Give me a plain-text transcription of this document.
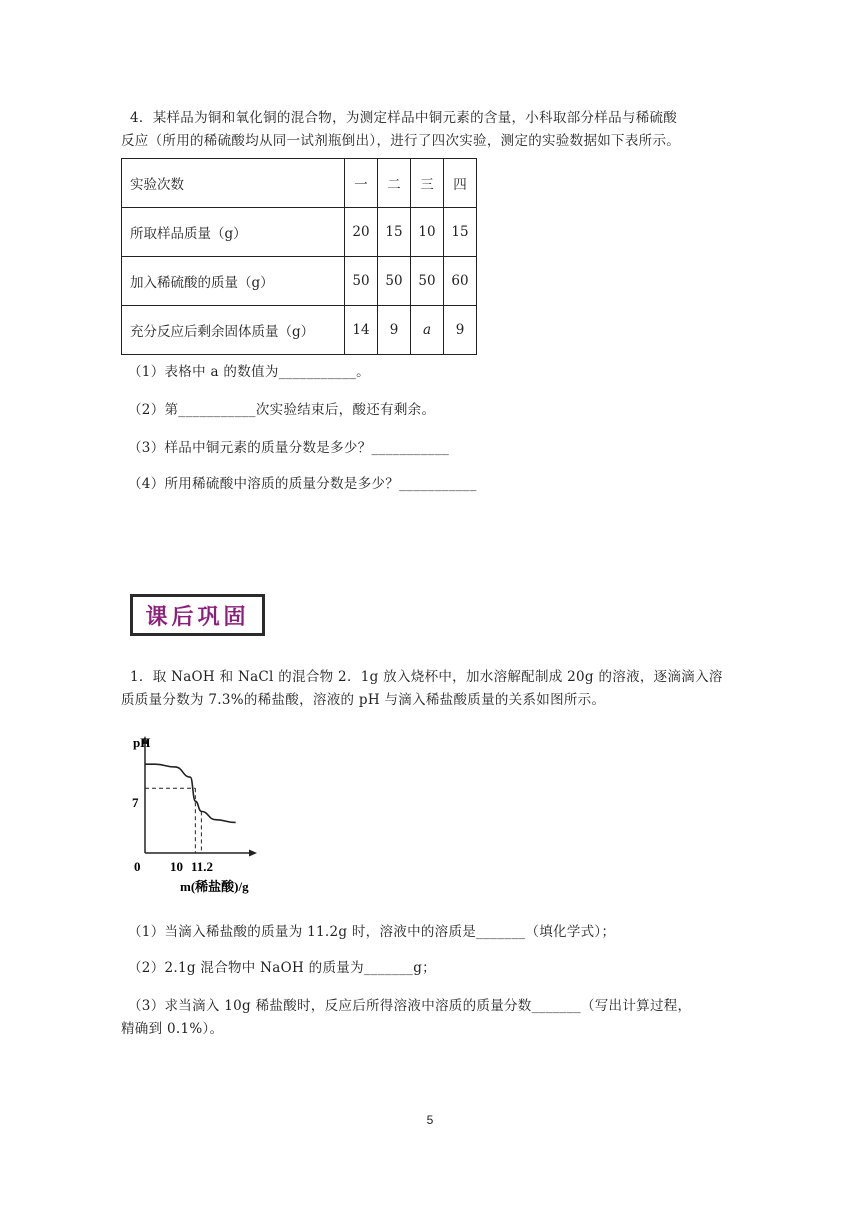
4．某样品为铜和氧化铜的混合物，为测定样品中铜元素的含量，小科取部分样品与稀硫酸
反应（所用的稀硫酸均从同一试剂瓶倒出），进行了四次实验，测定的实验数据如下表所示。
实验次数	一	二	三	四
所取样品质量（g）	20	15	10	15
加入稀硫酸的质量（g）	50	50	50	60
充分反应后剩余固体质量（g）	14	9	a	9
（1）表格中 a 的数值为___________。
（2）第___________次实验结束后，酸还有剩余。
（3）样品中铜元素的质量分数是多少？___________
（4）所用稀硫酸中溶质的质量分数是多少？___________
课后巩固
1．取 NaOH 和 NaCl 的混合物 2．1g 放入烧杯中，加水溶解配制成 20g 的溶液，逐滴滴入溶
质质量分数为 7.3%的稀盐酸，溶液的 pH 与滴入稀盐酸质量的关系如图所示。
pH
m(稀盐酸)/g
7
0 10 11.2
（1）当滴入稀盐酸的质量为 11.2g 时，溶液中的溶质是_______（填化学式）；
（2）2.1g 混合物中 NaOH 的质量为_______g；
（3）求当滴入 10g 稀盐酸时，反应后所得溶液中溶质的质量分数_______（写出计算过程，
精确到 0.1%）。
5
